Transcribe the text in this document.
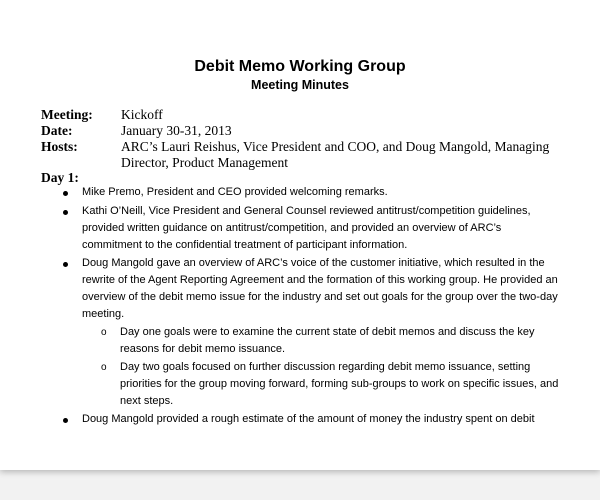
Debit Memo Working Group
Meeting Minutes
Meeting: Kickoff
Date:	January 30-31, 2013
Hosts:	ARC’s Lauri Reishus, Vice President and COO, and Doug Mangold, Managing Director, Product Management
Day 1:
Mike Premo, President and CEO provided welcoming remarks.
Kathi O’Neill, Vice President and General Counsel reviewed antitrust/competition guidelines, provided written guidance on antitrust/competition, and provided an overview of ARC’s commitment to the confidential treatment of participant information.
Doug Mangold gave an overview of ARC’s voice of the customer initiative, which resulted in the rewrite of the Agent Reporting Agreement and the formation of this working group. He provided an overview of the debit memo issue for the industry and set out goals for the group over the two-day meeting.
o Day one goals were to examine the current state of debit memos and discuss the key reasons for debit memo issuance.
o Day two goals focused on further discussion regarding debit memo issuance, setting priorities for the group moving forward, forming sub-groups to work on specific issues, and next steps.
Doug Mangold provided a rough estimate of the amount of money the industry spent on debit
